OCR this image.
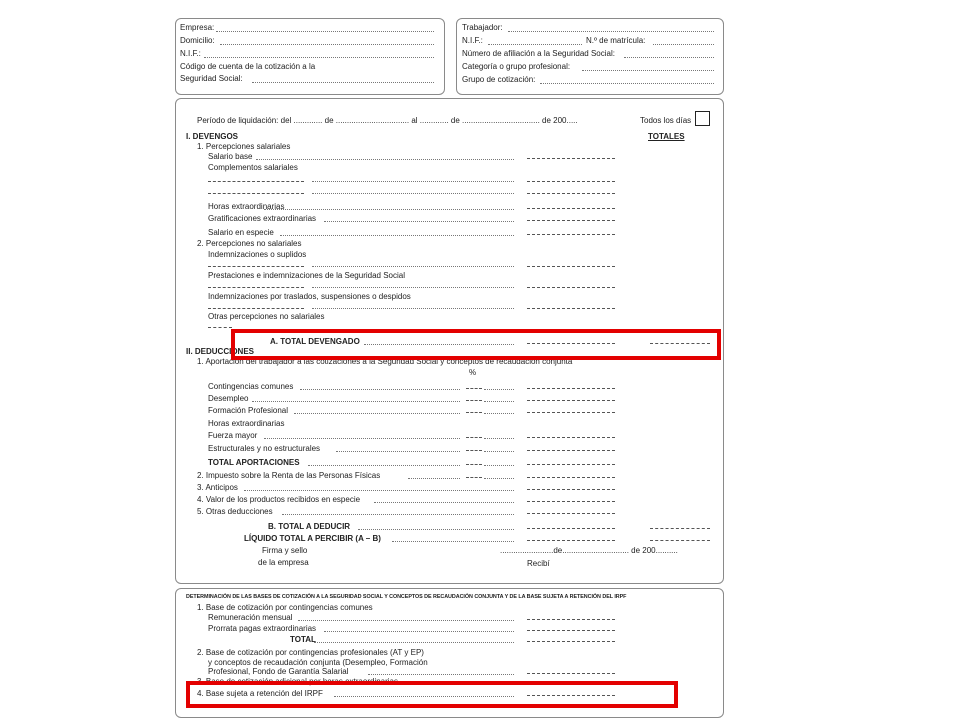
Empresa:
Domicilio:
N.I.F.:
Código de cuenta de la cotización a la
Seguridad Social:
Trabajador:
N.I.F.:	N.º de matrícula:
Número de afiliación a la Seguridad Social:
Categoría o grupo profesional:
Grupo de cotización:
Período de liquidación: del ............. de ................................. al ............. de ................................... de 200.....	Todos los días
I. DEVENGOS	TOTALES
1. Percepciones salariales
Salario base
Complementos salariales
Horas extraordinarias
Gratificaciones extraordinarias
Salario en especie
2. Percepciones no salariales
Indemnizaciones o suplidos
Prestaciones e indemnizaciones de la Seguridad Social
Indemnizaciones por traslados, suspensiones o despidos
Otras percepciones no salariales
A. TOTAL DEVENGADO
II. DEDUCCIONES
1. Aportación del trabajador a las cotizaciones a la Seguridad Social y conceptos de recaudación conjunta
%
Contingencias comunes
Desempleo
Formación Profesional
Horas extraordinarias
Fuerza mayor
Estructurales y no estructurales
TOTAL APORTACIONES
2. Impuesto sobre la Renta de las Personas Físicas
3. Anticipos
4. Valor de los productos recibidos en especie
5. Otras deducciones
B. TOTAL A DEDUCIR
LÍQUIDO TOTAL A PERCIBIR (A – B)
Firma y sello	........................de.............................. de 200..........
de la empresa	Recibí
DETERMINACIÓN DE LAS BASES DE COTIZACIÓN A LA SEGURIDAD SOCIAL Y CONCEPTOS DE RECAUDACIÓN CONJUNTA Y DE LA BASE SUJETA A RETENCIÓN DEL IRPF
1. Base de cotización por contingencias comunes
Remuneración mensual
Prorrata pagas extraordinarias
TOTAL
2. Base de cotización por contingencias profesionales (AT y EP)
y conceptos de recaudación conjunta (Desempleo, Formación
Profesional, Fondo de Garantía Salarial
3. Base de cotización adicional por horas extraordinarias
4. Base sujeta a retención del IRPF
